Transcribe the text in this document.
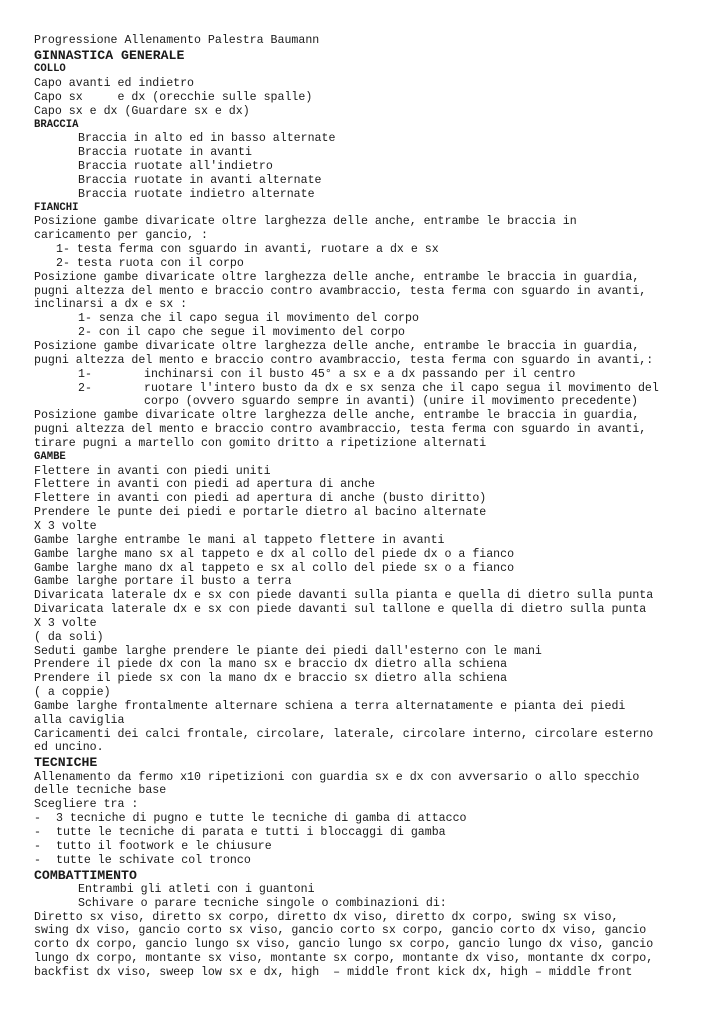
Progressione Allenamento Palestra Baumann
GINNASTICA GENERALE
COLLO
Capo avanti ed indietro
Capo sx     e dx (orecchie sulle spalle)
Capo sx e dx (Guardare sx e dx)
BRACCIA
Braccia in alto ed in basso alternate
Braccia ruotate in avanti
Braccia ruotate all'indietro
Braccia ruotate in avanti alternate
Braccia ruotate indietro alternate
FIANCHI
Posizione gambe divaricate oltre larghezza delle anche, entrambe le braccia in
caricamento per gancio, :
1- testa ferma con sguardo in avanti, ruotare a dx e sx
2- testa ruota con il corpo
Posizione gambe divaricate oltre larghezza delle anche, entrambe le braccia in guardia,
pugni altezza del mento e braccio contro avambraccio, testa ferma con sguardo in avanti,
inclinarsi a dx e sx :
1- senza che il capo segua il movimento del corpo
2- con il capo che segue il movimento del corpo
Posizione gambe divaricate oltre larghezza delle anche, entrambe le braccia in guardia,
pugni altezza del mento e braccio contro avambraccio, testa ferma con sguardo in avanti,:
1-	inchinarsi con il busto 45° a sx e a dx passando per il centro
2-	ruotare l'intero busto da dx e sx senza che il capo segua il movimento del
corpo (ovvero sguardo sempre in avanti) (unire il movimento precedente)
Posizione gambe divaricate oltre larghezza delle anche, entrambe le braccia in guardia,
pugni altezza del mento e braccio contro avambraccio, testa ferma con sguardo in avanti,
tirare pugni a martello con gomito dritto a ripetizione alternati
GAMBE
Flettere in avanti con piedi uniti
Flettere in avanti con piedi ad apertura di anche
Flettere in avanti con piedi ad apertura di anche (busto diritto)
Prendere le punte dei piedi e portarle dietro al bacino alternate
X 3 volte
Gambe larghe entrambe le mani al tappeto flettere in avanti
Gambe larghe mano sx al tappeto e dx al collo del piede dx o a fianco
Gambe larghe mano dx al tappeto e sx al collo del piede sx o a fianco
Gambe larghe portare il busto a terra
Divaricata laterale dx e sx con piede davanti sulla pianta e quella di dietro sulla punta
Divaricata laterale dx e sx con piede davanti sul tallone e quella di dietro sulla punta
X 3 volte
( da soli)
Seduti gambe larghe prendere le piante dei piedi dall'esterno con le mani
Prendere il piede dx con la mano sx e braccio dx dietro alla schiena
Prendere il piede sx con la mano dx e braccio sx dietro alla schiena
( a coppie)
Gambe larghe frontalmente alternare schiena a terra alternatamente e pianta dei piedi
alla caviglia
Caricamenti dei calci frontale, circolare, laterale, circolare interno, circolare esterno
ed uncino.
TECNICHE
Allenamento da fermo x10 ripetizioni con guardia sx e dx con avversario o allo specchio
delle tecniche base
Scegliere tra :
- 3 tecniche di pugno e tutte le tecniche di gamba di attacco
- tutte le tecniche di parata e tutti i bloccaggi di gamba
- tutto il footwork e le chiusure
- tutte le schivate col tronco
COMBATTIMENTO
Entrambi gli atleti con i guantoni
Schivare o parare tecniche singole o combinazioni di:
Diretto sx viso, diretto sx corpo, diretto dx viso, diretto dx corpo, swing sx viso,
swing dx viso, gancio corto sx viso, gancio corto sx corpo, gancio corto dx viso, gancio
corto dx corpo, gancio lungo sx viso, gancio lungo sx corpo, gancio lungo dx viso, gancio
lungo dx corpo, montante sx viso, montante sx corpo, montante dx viso, montante dx corpo,
backfist dx viso, sweep low sx e dx, high  – middle front kick dx, high – middle front
